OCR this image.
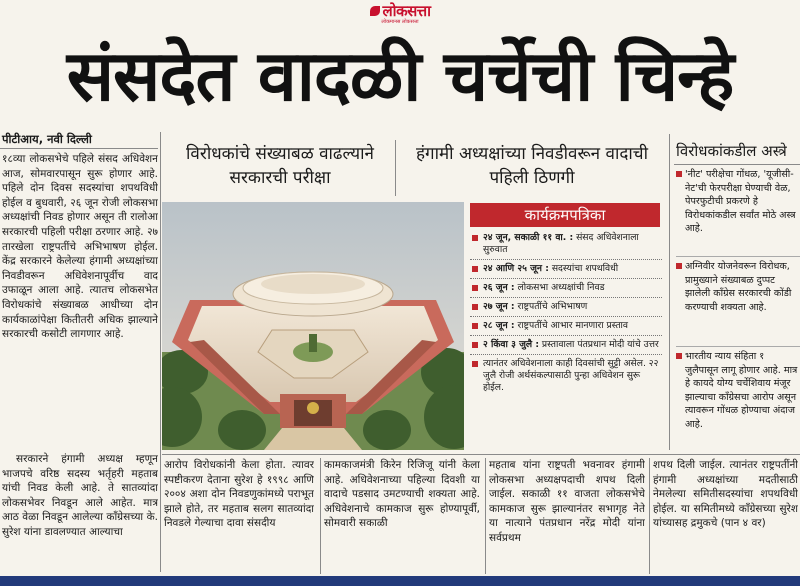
लोकसत्ता
लोकमानस लोकसत्ता
संसदेत वादळी चर्चेची चिन्हे
पीटीआय, नवी दिल्ली
१८व्या लोकसभेचे पहिले संसद अधिवेशन आज, सोमवारपासून सुरू होणार आहे. पहिले दोन दिवस सदस्यांचा शपथविधी होईल व बुधवारी, २६ जून रोजी लोकसभा अध्यक्षांची निवड होणार असून ती रालोआ सरकारची पहिली परीक्षा ठरणार आहे. २७ तारखेला राष्ट्रपतींचे अभिभाषण होईल. केंद्र सरकारने केलेल्या हंगामी अध्यक्षांच्या निवडीवरून अधिवेशनापूर्वीच वाद उफाळून आला आहे. त्यातच लोकसभेत विरोधकांचे संख्याबळ आधीच्या दोन कार्यकाळांपेक्षा कितीतरी अधिक झाल्याने सरकारची कसोटी लागणार आहे.
सरकारने हंगामी अध्यक्ष म्हणून भाजपचे वरिष्ठ सदस्य भर्तृहरी महताब यांची निवड केली आहे. ते सातव्यांदा लोकसभेवर निवडून आले आहेत. मात्र आठ वेळा निवडून आलेल्या काँग्रेसच्या के. सुरेश यांना डावलण्यात आल्याचा
विरोधकांचे संख्याबळ वाढल्याने सरकारची परीक्षा
हंगामी अध्यक्षांच्या निवडीवरून वादाची पहिली ठिणगी
कार्यक्रमपत्रिका
२४ जून, सकाळी ११ वा. : संसद अधिवेशनाला सुरुवात
२४ आणि २५ जून : सदस्यांचा शपथविधी
२६ जून : लोकसभा अध्यक्षांची निवड
२७ जून : राष्ट्रपतींचे अभिभाषण
२८ जून : राष्ट्रपतींचे आभार मानणारा प्रस्ताव
२ किंवा ३ जुलै : प्रस्तावाला पंतप्रधान मोदी यांचे उत्तर
त्यानंतर अधिवेशनाला काही दिवसांची सुट्टी असेल. २२ जुलै रोजी अर्थसंकल्पासाठी पुन्हा अधिवेशन सुरू होईल.
विरोधकांकडील अस्त्रे
'नीट' परीक्षेचा गोंधळ, 'यूजीसी-नेट'ची फेरपरीक्षा घेण्याची वेळ, पेपरफुटीची प्रकरणे हे विरोधकांकडील सर्वांत मोठे अस्त्र आहे.
अग्निवीर योजनेवरून विरोधक, प्रामुख्याने संख्याबळ दुप्पट झालेली काँग्रेस सरकारची कोंडी करण्याची शक्यता आहे.
भारतीय न्याय संहिता १ जुलैपासून लागू होणार आहे. मात्र हे कायदे योग्य चर्चेशिवाय मंजूर झाल्याचा काँग्रेसचा आरोप असून त्यावरून गोंधळ होण्याचा अंदाज आहे.
आरोप विरोधकांनी केला होता. त्यावर स्पष्टीकरण देताना सुरेश हे १९९८ आणि २००४ अशा दोन निवडणुकांमध्ये पराभूत झाले होते, तर महताब सलग सातव्यांदा निवडले गेल्याचा दावा संसदीय
कामकाजमंत्री किरेन रिजिजू यांनी केला आहे. अधिवेशनाच्या पहिल्या दिवशी या वादाचे पडसाद उमटण्याची शक्यता आहे. अधिवेशनाचे कामकाज सुरू होण्यापूर्वी, सोमवारी सकाळी
महताब यांना राष्ट्रपती भवनावर हंगामी लोकसभा अध्यक्षपदाची शपथ दिली जाईल. सकाळी ११ वाजता लोकसभेचे कामकाज सुरू झाल्यानंतर सभागृह नेते या नात्याने पंतप्रधान नरेंद्र मोदी यांना सर्वप्रथम
शपथ दिली जाईल. त्यानंतर राष्ट्रपतींनी हंगामी अध्यक्षांच्या मदतीसाठी नेमलेल्या समितीसदस्यांचा शपथविधी होईल. या समितीमध्ये काँग्रेसच्या सुरेश यांच्यासह द्रमुकचे (पान ४ वर)
